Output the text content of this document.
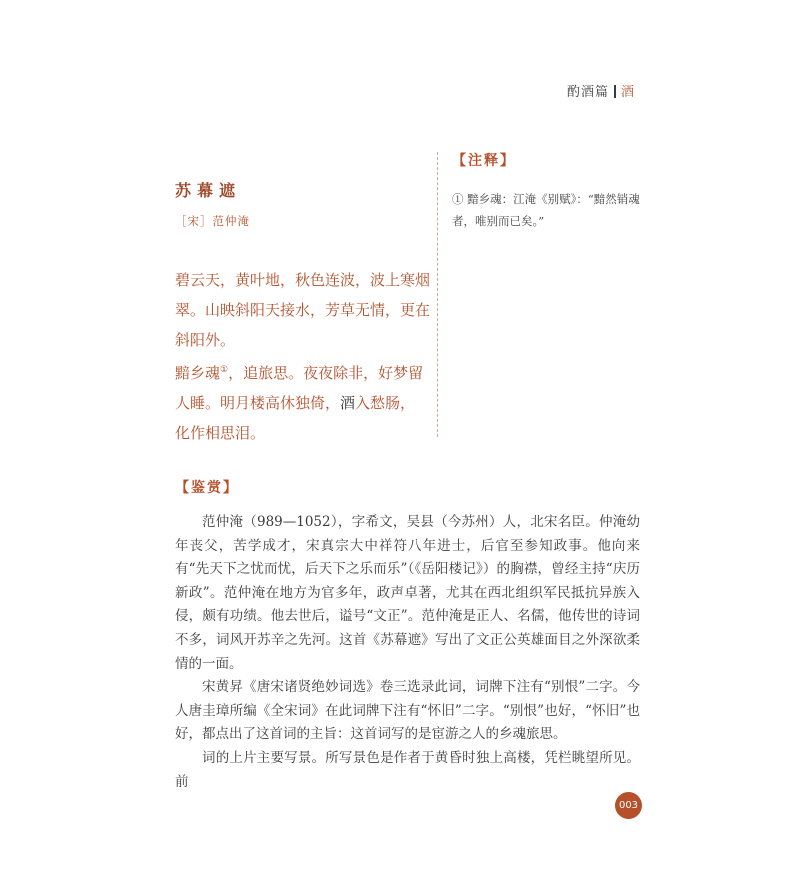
酌酒篇 酒
苏幕遮
［宋］范仲淹

碧云天，黄叶地，秋色连波，波上寒烟翠。山映斜阳天接水，芳草无情，更在斜阳外。

黯乡魂①，追旅思。夜夜除非，好梦留人睡。明月楼高休独倚，酒入愁肠，化作相思泪。

【注释】
① 黯乡魂：江淹《别赋》：“黯然销魂者，唯别而已矣。”
【鉴赏】

范仲淹（989—1052），字希文，吴县（今苏州）人，北宋名臣。仲淹幼年丧父，苦学成才，宋真宗大中祥符八年进士，后官至参知政事。他向来有“先天下之忧而忧，后天下之乐而乐”（《岳阳楼记》）的胸襟，曾经主持“庆历新政”。范仲淹在地方为官多年，政声卓著，尤其在西北组织军民抵抗异族入侵，颇有功绩。他去世后，谥号“文正”。范仲淹是正人、名儒，他传世的诗词不多，词风开苏辛之先河。这首《苏幕遮》写出了文正公英雄面目之外深欲柔情的一面。

宋黄昇《唐宋诸贤绝妙词选》卷三选录此词，词牌下注有“别恨”二字。今人唐圭璋所编《全宋词》在此词牌下注有“怀旧”二字。“别恨”也好，“怀旧”也好，都点出了这首词的主旨：这首词写的是宦游之人的乡魂旅思。

词的上片主要写景。所写景色是作者于黄昏时独上高楼，凭栏眺望所见。前

003
